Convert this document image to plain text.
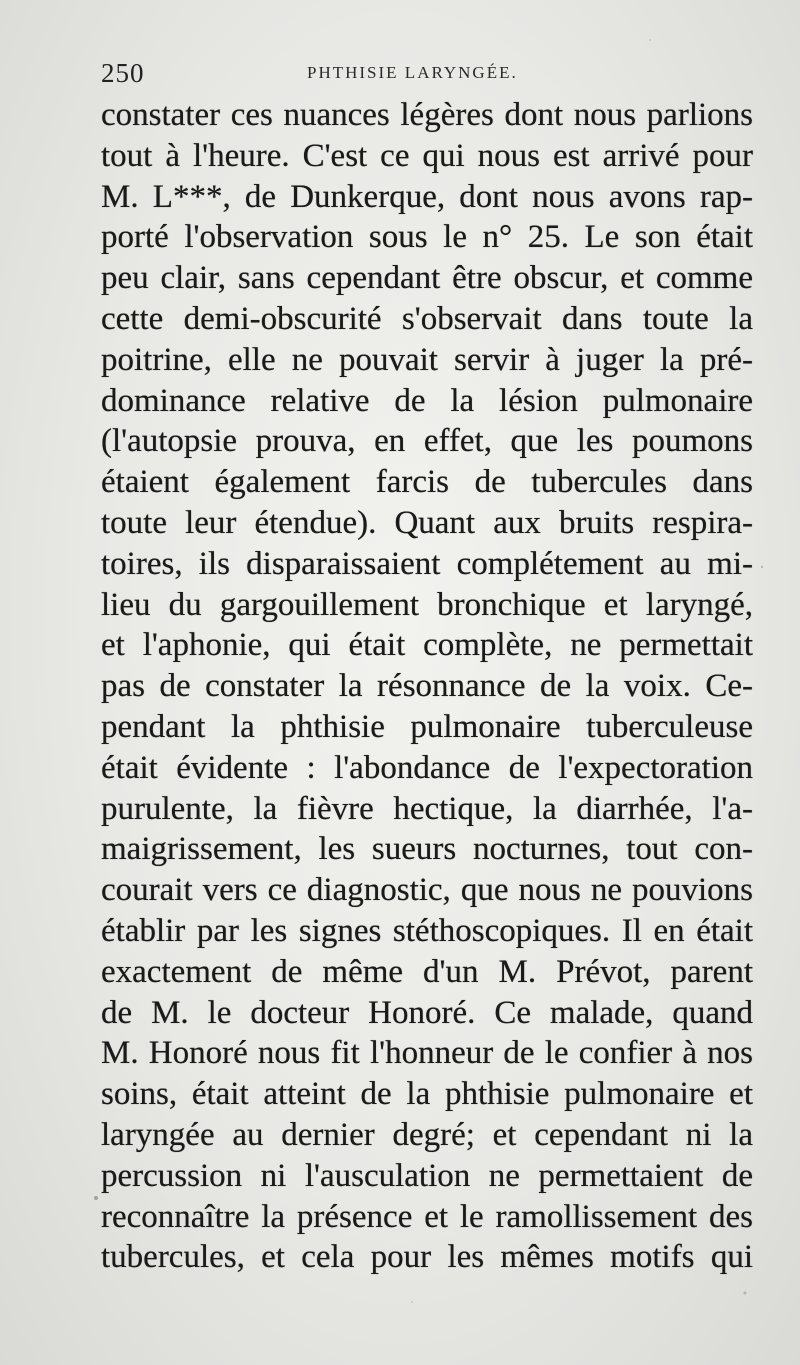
250	PHTHISIE LARYNGÉE.
constater ces nuances légères dont nous parlions
tout à l'heure. C'est ce qui nous est arrivé pour
M. L***, de Dunkerque, dont nous avons rap-
porté l'observation sous le n° 25. Le son était
peu clair, sans cependant être obscur, et comme
cette demi-obscurité s'observait dans toute la
poitrine, elle ne pouvait servir à juger la pré-
dominance relative de la lésion pulmonaire
(l'autopsie prouva, en effet, que les poumons
étaient également farcis de tubercules dans
toute leur étendue). Quant aux bruits respira-
toires, ils disparaissaient complétement au mi-
lieu du gargouillement bronchique et laryngé,
et l'aphonie, qui était complète, ne permettait
pas de constater la résonnance de la voix. Ce-
pendant la phthisie pulmonaire tuberculeuse
était évidente : l'abondance de l'expectoration
purulente, la fièvre hectique, la diarrhée, l'a-
maigrissement, les sueurs nocturnes, tout con-
courait vers ce diagnostic, que nous ne pouvions
établir par les signes stéthoscopiques. Il en était
exactement de même d'un M. Prévot, parent
de M. le docteur Honoré. Ce malade, quand
M. Honoré nous fit l'honneur de le confier à nos
soins, était atteint de la phthisie pulmonaire et
laryngée au dernier degré; et cependant ni la
percussion ni l'ausculation ne permettaient de
reconnaître la présence et le ramollissement des
tubercules, et cela pour les mêmes motifs qui
